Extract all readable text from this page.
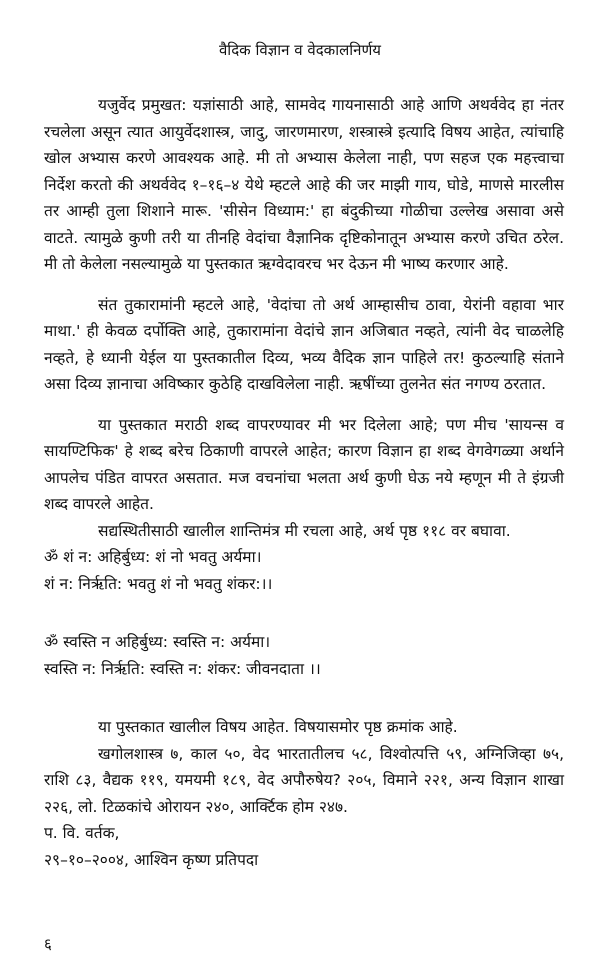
वैदिक विज्ञान व वेदकालनिर्णय

यजुर्वेद प्रमुखत: यज्ञांसाठी आहे, सामवेद गायनासाठी आहे आणि अथर्ववेद हा नंतर रचलेला असून त्यात आयुर्वेदशास्त्र, जादु, जारणमारण, शस्त्रास्त्रे इत्यादि विषय आहेत, त्यांचाहि खोल अभ्यास करणे आवश्यक आहे. मी तो अभ्यास केलेला नाही, पण सहज एक महत्त्वाचा निर्देश करतो की अथर्ववेद १–१६–४ येथे म्हटले आहे की जर माझी गाय, घोडे, माणसे मारलीस तर आम्ही तुला शिशाने मारू. 'सीसेन विध्याम:' हा बंदुकीच्या गोळीचा उल्लेख असावा असे वाटते. त्यामुळे कुणी तरी या तीनहि वेदांचा वैज्ञानिक दृष्टिकोनातून अभ्यास करणे उचित ठरेल. मी तो केलेला नसल्यामुळे या पुस्तकात ऋग्वेदावरच भर देऊन मी भाष्य करणार आहे.

संत तुकारामांनी म्हटले आहे, 'वेदांचा तो अर्थ आम्हासीच ठावा, येरांनी वहावा भार माथा.' ही केवळ दर्पोक्ति आहे, तुकारामांना वेदांचे ज्ञान अजिबात नव्हते, त्यांनी वेद चाळलेहि नव्हते, हे ध्यानी येईल या पुस्तकातील दिव्य, भव्य वैदिक ज्ञान पाहिले तर! कुठल्याहि संताने असा दिव्य ज्ञानाचा अविष्कार कुठेहि दाखविलेला नाही. ऋषींच्या तुलनेत संत नगण्य ठरतात.

या पुस्तकात मराठी शब्द वापरण्यावर मी भर दिलेला आहे; पण मीच 'सायन्स व सायण्टिफिक' हे शब्द बरेच ठिकाणी वापरले आहेत; कारण विज्ञान हा शब्द वेगवेगळ्या अर्थाने आपलेच पंडित वापरत असतात. मज वचनांचा भलता अर्थ कुणी घेऊ नये म्हणून मी ते इंग्रजी शब्द वापरले आहेत.

सद्यस्थितीसाठी खालील शान्तिमंत्र मी रचला आहे, अर्थ पृष्ठ ११८ वर बघावा.

ॐ शं न: अहिर्बुध्य: शं नो भवतु अर्यमा।

शं न: निर्ऋति: भवतु शं नो भवतु शंकर:।।

ॐ स्वस्ति न अहिर्बुध्य: स्वस्ति न: अर्यमा।

स्वस्ति न: निर्ऋति: स्वस्ति न: शंकर: जीवनदाता ।।

या पुस्तकात खालील विषय आहेत. विषयासमोर पृष्ठ क्रमांक आहे.

खगोलशास्त्र ७, काल ५०, वेद भारतातीलच ५८, विश्वोत्पत्ति ५९, अग्निजिव्हा ७५, राशि ८३, वैद्यक ११९, यमयमी १८९, वेद अपौरुषेय? २०५, विमाने २२१, अन्य विज्ञान शाखा २२६, लो. टिळकांचे ओरायन २४०, आर्क्टिक होम २४७.

प. वि. वर्तक,

२९–१०–२००४, आश्विन कृष्ण प्रतिपदा

६
